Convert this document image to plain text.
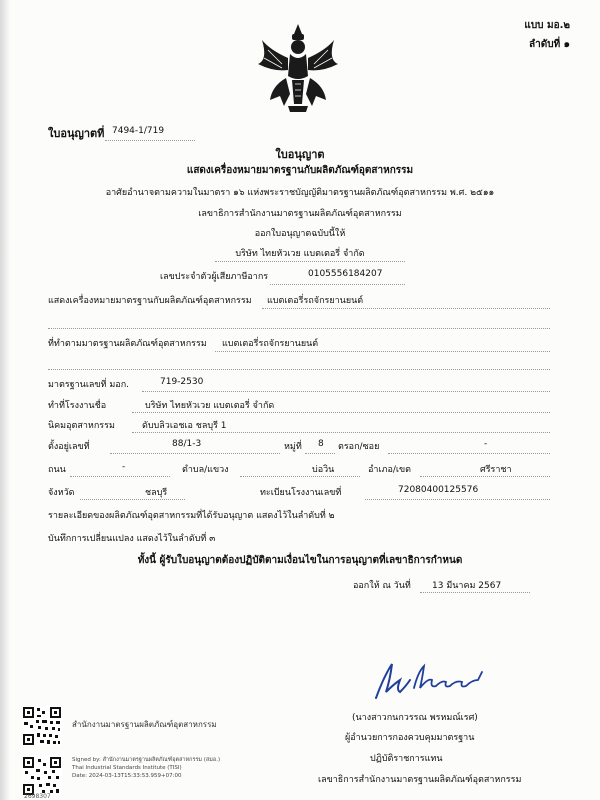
แบบ มอ.๒
ลำดับที่ ๑
ใบอนุญาตที่ 7494-1/719
ใบอนุญาต
แสดงเครื่องหมายมาตรฐานกับผลิตภัณฑ์อุตสาหกรรม
อาศัยอำนาจตามความในมาตรา ๑๖ แห่งพระราชบัญญัติมาตรฐานผลิตภัณฑ์อุตสาหกรรม พ.ศ. ๒๕๑๑
เลขาธิการสำนักงานมาตรฐานผลิตภัณฑ์อุตสาหกรรม
ออกใบอนุญาตฉบับนี้ให้
บริษัท ไทยหัวเวย แบตเตอรี่ จำกัด
เลขประจำตัวผู้เสียภาษีอากร	0105556184207
แสดงเครื่องหมายมาตรฐานกับผลิตภัณฑ์อุตสาหกรรม แบตเตอรี่รถจักรยานยนต์
ที่ทำตามมาตรฐานผลิตภัณฑ์อุตสาหกรรม แบตเตอรี่รถจักรยานยนต์
มาตรฐานเลขที่ มอก.	719-2530
ทำที่โรงงานชื่อ	บริษัท ไทยหัวเวย แบตเตอรี่ จำกัด
นิคมอุตสาหกรรม	ดับบลิวเอชเอ ชลบุรี 1
ตั้งอยู่เลขที่	88/1-3	หมู่ที่ 8 ตรอก/ซอย	-
ถนน	-	ตำบล/แขวง	บ่อวิน	อำเภอ/เขต	ศรีราชา
จังหวัด	ชลบุรี	ทะเบียนโรงงานเลขที่	72080400125576
รายละเอียดของผลิตภัณฑ์อุตสาหกรรมที่ได้รับอนุญาต แสดงไว้ในลำดับที่ ๒
บันทึกการเปลี่ยนแปลง แสดงไว้ในลำดับที่ ๓
ทั้งนี้ ผู้รับใบอนุญาตต้องปฏิบัติตามเงื่อนไขในการอนุญาตที่เลขาธิการกำหนด
ออกให้ ณ วันที่ 13 มีนาคม 2567
(นางสาวกนกวรรณ พรหมณ์เรศ)
ผู้อำนวยการกองควบคุมมาตรฐาน
ปฏิบัติราชการแทน
เลขาธิการสำนักงานมาตรฐานผลิตภัณฑ์อุตสาหกรรม
สำนักงานมาตรฐานผลิตภัณฑ์อุตสาหกรรม
Signed by: สำนักงานมาตรฐานผลิตภัณฑ์อุตสาหกรรม (สมอ.)
Thai Industrial Standards Institute (TISI)
Date: 2024-03-13T15:33:53.959+07:00
2698307
